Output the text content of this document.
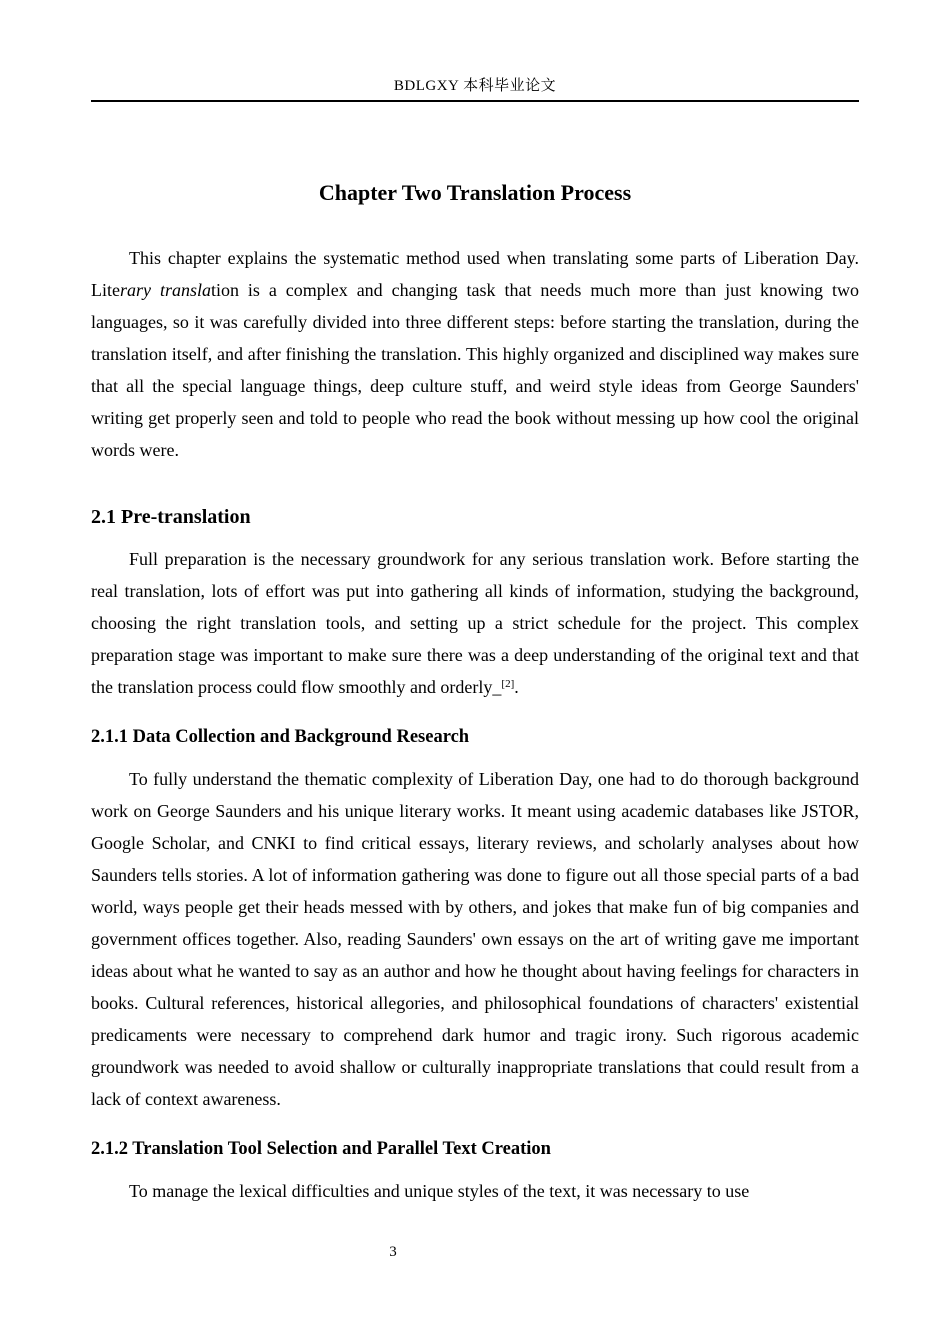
BDLGXY 本科毕业论文
Chapter Two Translation Process

This chapter explains the systematic method used when translating some parts of Liberation Day. Literary translation is a complex and changing task that needs much more than just knowing two languages, so it was carefully divided into three different steps: before starting the translation, during the translation itself, and after finishing the translation. This highly organized and disciplined way makes sure that all the special language things, deep culture stuff, and weird style ideas from George Saunders' writing get properly seen and told to people who read the book without messing up how cool the original words were.

2.1 Pre-translation

Full preparation is the necessary groundwork for any serious translation work. Before starting the real translation, lots of effort was put into gathering all kinds of information, studying the background, choosing the right translation tools, and setting up a strict schedule for the project. This complex preparation stage was important to make sure there was a deep understanding of the original text and that the translation process could flow smoothly and orderly_[2].

2.1.1 Data Collection and Background Research

To fully understand the thematic complexity of Liberation Day, one had to do thorough background work on George Saunders and his unique literary works. It meant using academic databases like JSTOR, Google Scholar, and CNKI to find critical essays, literary reviews, and scholarly analyses about how Saunders tells stories. A lot of information gathering was done to figure out all those special parts of a bad world, ways people get their heads messed with by others, and jokes that make fun of big companies and government offices together. Also, reading Saunders' own essays on the art of writing gave me important ideas about what he wanted to say as an author and how he thought about having feelings for characters in books. Cultural references, historical allegories, and philosophical foundations of characters' existential predicaments were necessary to comprehend dark humor and tragic irony. Such rigorous academic groundwork was needed to avoid shallow or culturally inappropriate translations that could result from a lack of context awareness.

2.1.2 Translation Tool Selection and Parallel Text Creation

To manage the lexical difficulties and unique styles of the text, it was necessary to use

3
